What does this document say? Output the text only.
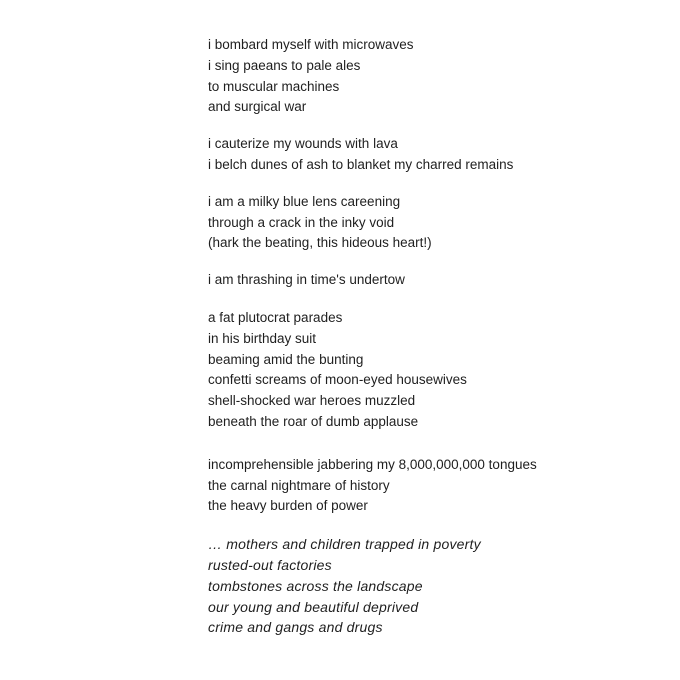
i bombard myself with microwaves
i sing paeans to pale ales
to muscular machines
and surgical war
i cauterize my wounds with lava
i belch dunes of ash to blanket my charred remains
i am a milky blue lens careening
through a crack in the inky void
(hark the beating, this hideous heart!)
i am thrashing in time's undertow
a fat plutocrat parades
in his birthday suit
beaming amid the bunting
confetti screams of moon-eyed housewives
shell-shocked war heroes muzzled
beneath the roar of dumb applause
incomprehensible jabbering my 8,000,000,000 tongues
the carnal nightmare of history
the heavy burden of power
… mothers and children trapped in poverty
rusted-out factories
tombstones across the landscape
our young and beautiful deprived
crime and gangs and drugs
